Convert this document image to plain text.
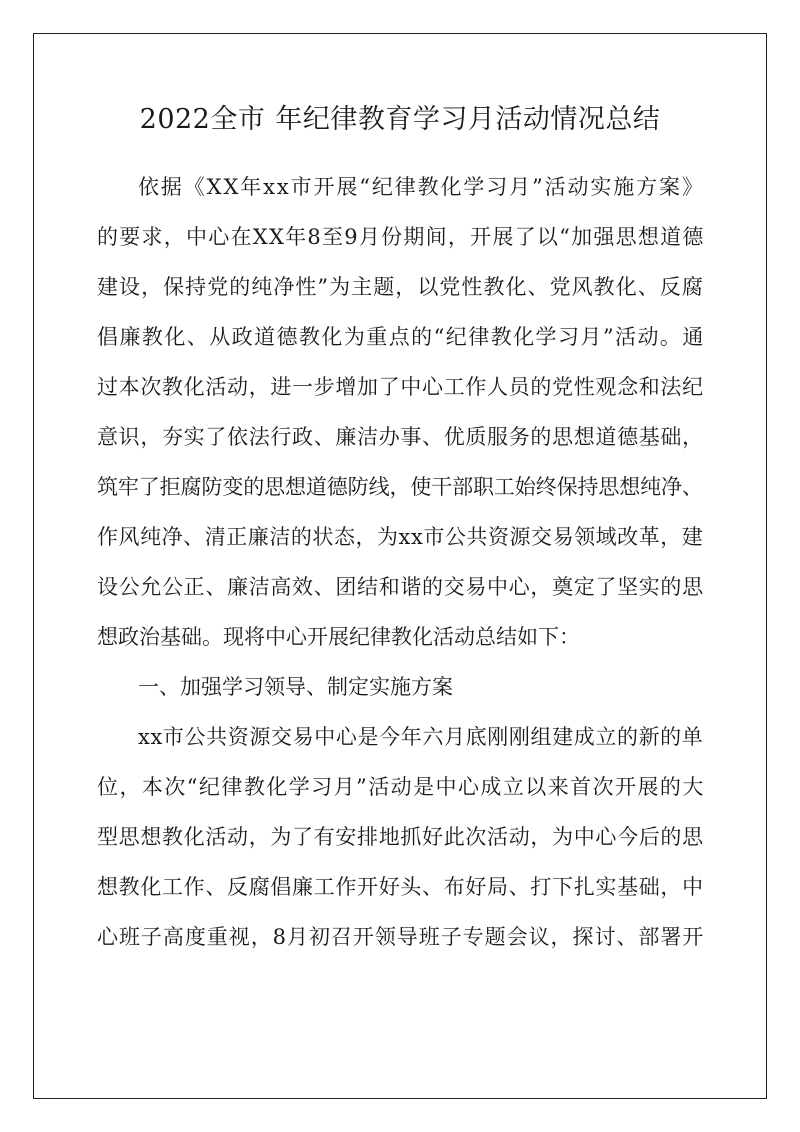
2022全市 年纪律教育学习月活动情况总结

依据《XX年xx市开展“纪律教化学习月”活动实施方案》

的要求，中心在XX年8至9月份期间，开展了以“加强思想道德

建设，保持党的纯净性”为主题，以党性教化、党风教化、反腐

倡廉教化、从政道德教化为重点的“纪律教化学习月”活动。通

过本次教化活动，进一步增加了中心工作人员的党性观念和法纪

意识，夯实了依法行政、廉洁办事、优质服务的思想道德基础，

筑牢了拒腐防变的思想道德防线，使干部职工始终保持思想纯净、

作风纯净、清正廉洁的状态，为xx市公共资源交易领域改革，建

设公允公正、廉洁高效、团结和谐的交易中心，奠定了坚实的思

想政治基础。现将中心开展纪律教化活动总结如下：

一、加强学习领导、制定实施方案

xx市公共资源交易中心是今年六月底刚刚组建成立的新的单

位，本次“纪律教化学习月”活动是中心成立以来首次开展的大

型思想教化活动，为了有安排地抓好此次活动，为中心今后的思

想教化工作、反腐倡廉工作开好头、布好局、打下扎实基础，中

心班子高度重视，8月初召开领导班子专题会议，探讨、部署开
